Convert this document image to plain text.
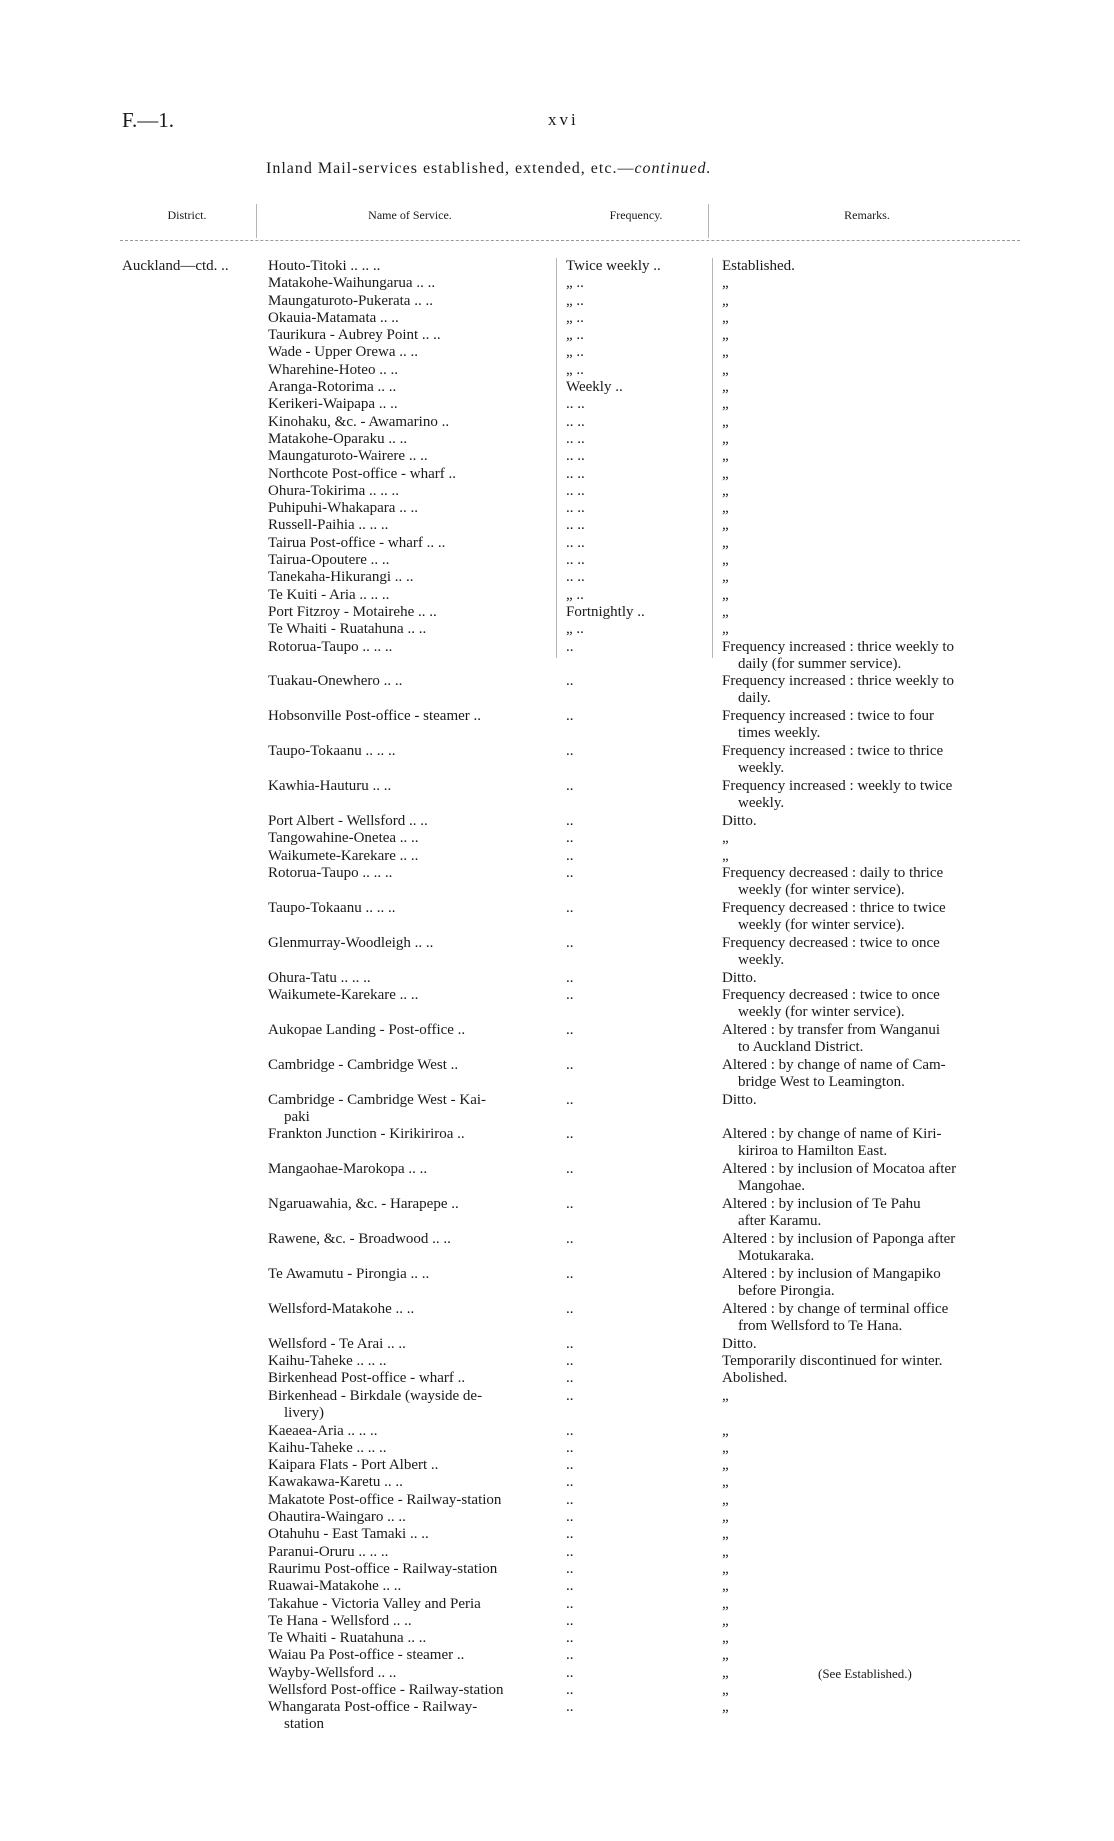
F.—1.	xvi
Inland Mail-services established, extended, etc.—continued.
District.	Name of Service.	Frequency.	Remarks.
Auckland—ctd. ..	Houto-Titoki .. .. ..	Twice weekly ..	Established.
Matakohe-Waihungarua .. ..	„ ..	„
Maungaturoto-Pukerata .. ..	„ ..	„
Okauia-Matamata .. ..	„ ..	„
Taurikura - Aubrey Point .. ..	„ ..	„
Wade - Upper Orewa .. ..	„ ..	„
Wharehine-Hoteo .. ..	„ ..	„
Aranga-Rotorima .. ..	Weekly ..	„
Kerikeri-Waipapa .. ..	.. ..	„
Kinohaku, &c. - Awamarino ..	.. ..	„
Matakohe-Oparaku .. ..	.. ..	„
Maungaturoto-Wairere .. ..	.. ..	„
Northcote Post-office - wharf ..	.. ..	„
Ohura-Tokirima .. .. ..	.. ..	„
Puhipuhi-Whakapara .. ..	.. ..	„
Russell-Paihia .. .. ..	.. ..	„
Tairua Post-office - wharf .. ..	.. ..	„
Tairua-Opoutere .. ..	.. ..	„
Tanekaha-Hikurangi .. ..	.. ..	„
Te Kuiti - Aria .. .. ..	„ ..	„
Port Fitzroy - Motairehe .. ..	Fortnightly ..	„
Te Whaiti - Ruatahuna .. ..	„ ..	„
Rotorua-Taupo .. .. ..	..	Frequency increased : thrice weekly to
daily (for summer service).
Tuakau-Onewhero .. ..	..	Frequency increased : thrice weekly to
daily.
Hobsonville Post-office - steamer ..	..	Frequency increased : twice to four
times weekly.
Taupo-Tokaanu .. .. ..	..	Frequency increased : twice to thrice
weekly.
Kawhia-Hauturu .. ..	..	Frequency increased : weekly to twice
weekly.
Port Albert - Wellsford .. ..	..	Ditto.
Tangowahine-Onetea .. ..	..	„
Waikumete-Karekare .. ..	..	„
Rotorua-Taupo .. .. ..	..	Frequency decreased : daily to thrice
weekly (for winter service).
Taupo-Tokaanu .. .. ..	..	Frequency decreased : thrice to twice
weekly (for winter service).
Glenmurray-Woodleigh .. ..	..	Frequency decreased : twice to once
weekly.
Ohura-Tatu .. .. ..	..	Ditto.
Waikumete-Karekare .. ..	..	Frequency decreased : twice to once
weekly (for winter service).
Aukopae Landing - Post-office ..	..	Altered : by transfer from Wanganui
to Auckland District.
Cambridge - Cambridge West ..	..	Altered : by change of name of Cam-
bridge West to Leamington.
Cambridge - Cambridge West - Kai-
paki
..	Ditto.
Frankton Junction - Kirikiriroa ..	..	Altered : by change of name of Kiri-
kiriroa to Hamilton East.
Mangaohae-Marokopa .. ..	..	Altered : by inclusion of Mocatoa after
Mangohae.
Ngaruawahia, &c. - Harapepe ..	..	Altered : by inclusion of Te Pahu
after Karamu.
Rawene, &c. - Broadwood .. ..	..	Altered : by inclusion of Paponga after
Motukaraka.
Te Awamutu - Pirongia .. ..	..	Altered : by inclusion of Mangapiko
before Pirongia.
Wellsford-Matakohe .. ..	..	Altered : by change of terminal office
from Wellsford to Te Hana.
Wellsford - Te Arai .. ..	..	Ditto.
Kaihu-Taheke .. .. ..	..	Temporarily discontinued for winter.
Birkenhead Post-office - wharf ..	..	Abolished.
Birkenhead - Birkdale (wayside de-
livery)
..	„
Kaeaea-Aria .. .. ..	..	„
Kaihu-Taheke .. .. ..	..	„
Kaipara Flats - Port Albert ..	..	„
Kawakawa-Karetu .. ..	..	„
Makatote Post-office - Railway-station	..	„
Ohautira-Waingaro .. ..	..	„
Otahuhu - East Tamaki .. ..	..	„
Paranui-Oruru .. .. ..	..	„
Raurimu Post-office - Railway-station	..	„
Ruawai-Matakohe .. ..	..	„
Takahue - Victoria Valley and Peria	..	„
Te Hana - Wellsford .. ..	..	„
Te Whaiti - Ruatahuna .. ..	..	„
Waiau Pa Post-office - steamer ..	..	„
Wayby-Wellsford .. ..	..	„	(See Established.)
Wellsford Post-office - Railway-station	..	„
Whangarata Post-office - Railway-
station
..	„
